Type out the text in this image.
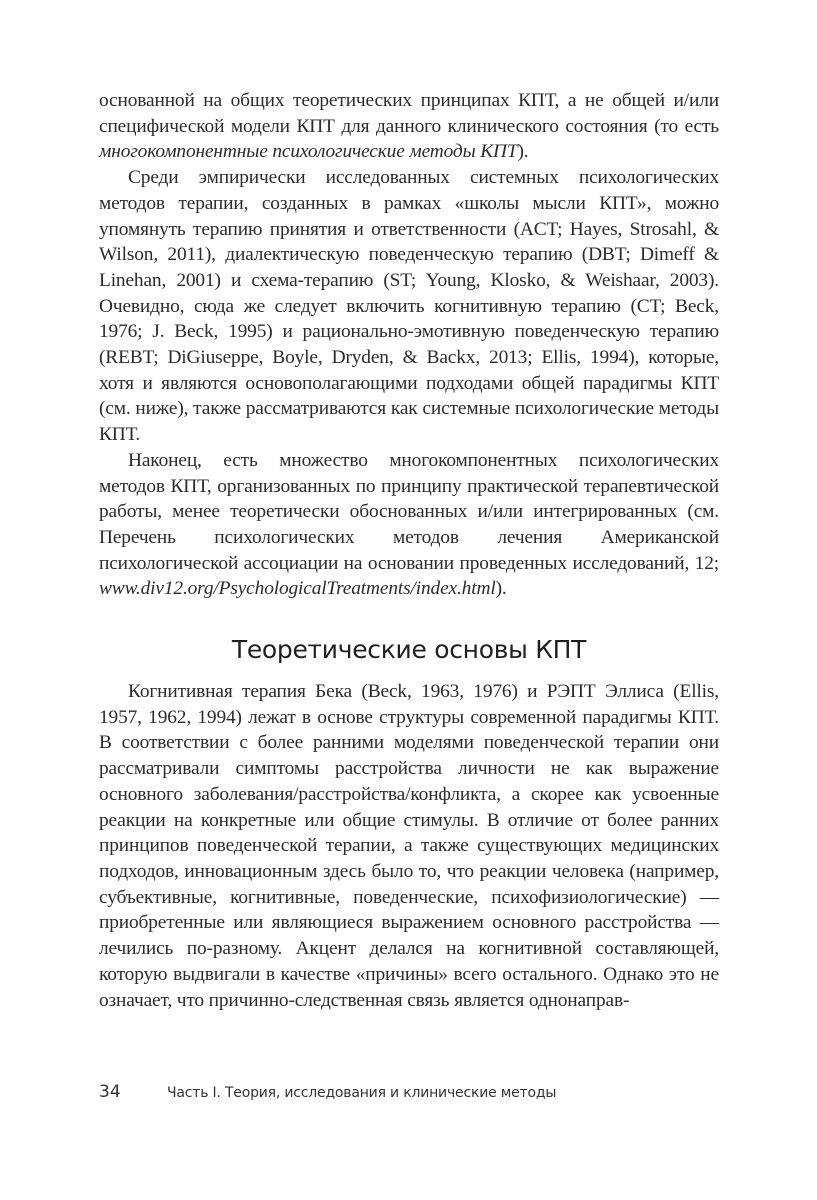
основанной на общих теоретических принципах КПТ, а не общей и/или специфической модели КПТ для данного клинического состояния (то есть многокомпонентные психологические методы КПТ).

Среди эмпирически исследованных системных психологических методов терапии, созданных в рамках «школы мысли КПТ», можно упомянуть терапию принятия и ответственности (ACT; Hayes, Strosahl, & Wilson, 2011), диалектическую поведенческую терапию (DBT; Dimeff & Linehan, 2001) и схема-терапию (ST; Young, Klosko, & Weishaar, 2003). Очевидно, сюда же следует включить когнитивную терапию (CT; Beck, 1976; J. Beck, 1995) и рационально-эмотивную поведенческую терапию (REBT; DiGiuseppe, Boyle, Dryden, & Backx, 2013; Ellis, 1994), которые, хотя и являются основополагающими подходами общей парадигмы КПТ (см. ниже), также рассматриваются как системные психологические методы КПТ.

Наконец, есть множество многокомпонентных психологических методов КПТ, организованных по принципу практической терапевтической работы, менее теоретически обоснованных и/или интегрированных (см. Перечень психологических методов лечения Американской психологической ассоциации на основании проведенных исследований, 12; www.div12.org/PsychologicalTreatments/index.html).

Теоретические основы КПТ

Когнитивная терапия Бека (Beck, 1963, 1976) и РЭПТ Эллиса (Ellis, 1957, 1962, 1994) лежат в основе структуры современной парадигмы КПТ. В соответствии с более ранними моделями поведенческой терапии они рассматривали симптомы расстройства личности не как выражение основного заболевания/расстройства/конфликта, а скорее как усвоенные реакции на конкретные или общие стимулы. В отличие от более ранних принципов поведенческой терапии, а также существующих медицинских подходов, инновационным здесь было то, что реакции человека (например, субъективные, когнитивные, поведенческие, психофизиологические) — приобретенные или являющиеся выражением основного расстройства — лечились по-разному. Акцент делался на когнитивной составляющей, которую выдвигали в качестве «причины» всего остального. Однако это не означает, что причинно-следственная связь является однонаправ-

34	Часть I. Теория, исследования и клинические методы
